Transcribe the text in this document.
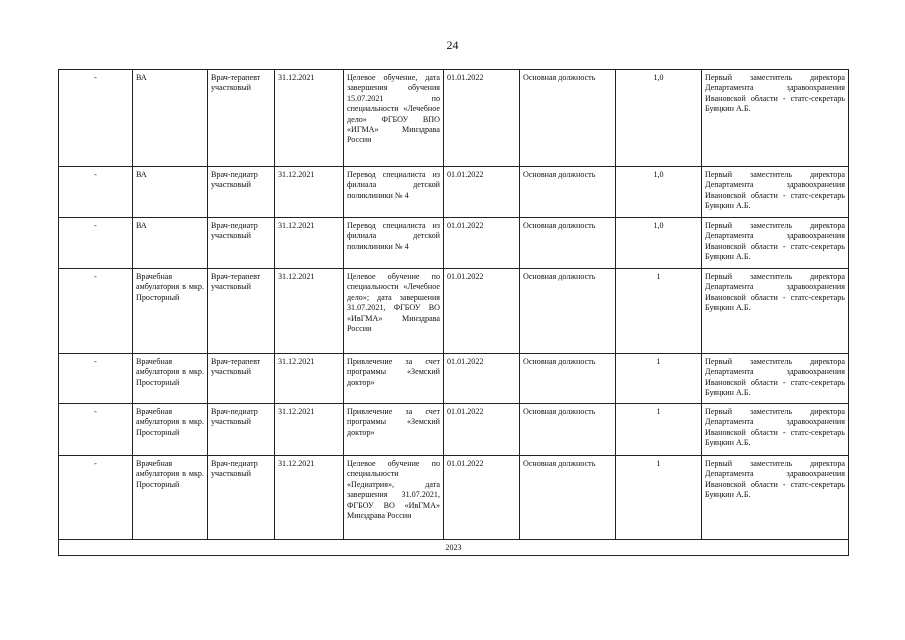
24
-	ВА	Врач-терапевт участковый	31.12.2021	Целевое обучение, дата завершения обучения 15.07.2021 по специальности «Лечебное дело» ФГБОУ ВПО «ИГМА» Минздрава России	01.01.2022	Основная должность	1,0	Первый заместитель директора Департамента здравоохранения Ивановской области - статс-секретарь Буяңкин А.Б.
-	ВА	Врач-педиатр участковый	31.12.2021	Перевод специалиста из филиала детской поликлиники № 4	01.01.2022	Основная должность	1,0	Первый заместитель директора Департамента здравоохранения Ивановской области - статс-секретарь Буяңкин А.Б.
-	ВА	Врач-педиатр участковый	31.12.2021	Перевод специалиста из филиала детской поликлиники № 4	01.01.2022	Основная должность	1,0	Первый заместитель директора Департамента здравоохранения Ивановской области - статс-секретарь Буяңкин А.Б.
-	Врачебная амбулатория в мкр. Просторный	Врач-терапевт участковый	31.12.2021	Целевое обучение по специальности «Лечебное дело»; дата завершения 31.07.2021, ФГБОУ ВО «ИвГМА» Минздрава России	01.01.2022	Основная должность	1	Первый заместитель директора Департамента здравоохранения Ивановской области - статс-секретарь Буяңкин А.Б.
-	Врачебная амбулатория в мкр. Просторный	Врач-терапевт участковый	31.12.2021	Привлечение за счет программы «Земский доктор»	01.01.2022	Основная должность	1	Первый заместитель директора Департамента здравоохранения Ивановской области - статс-секретарь Буяңкин А.Б.
-	Врачебная амбулатория в мкр. Просторный	Врач-педиатр участковый	31.12.2021	Привлечение за счет программы «Земский доктор»	01.01.2022	Основная должность	1	Первый заместитель директора Департамента здравоохранения Ивановской области - статс-секретарь Буяңкин А.Б.
-	Врачебная амбулатория в мкр. Просторный	Врач-педиатр участковый	31.12.2021	Целевое обучение по специальности «Педиатрия», дата завершения 31.07.2021, ФГБОУ ВО «ИвГМА» Минздрава России	01.01.2022	Основная должность	1	Первый заместитель директора Департамента здравоохранения Ивановской области - статс-секретарь Буяңкин А.Б.
2023								
